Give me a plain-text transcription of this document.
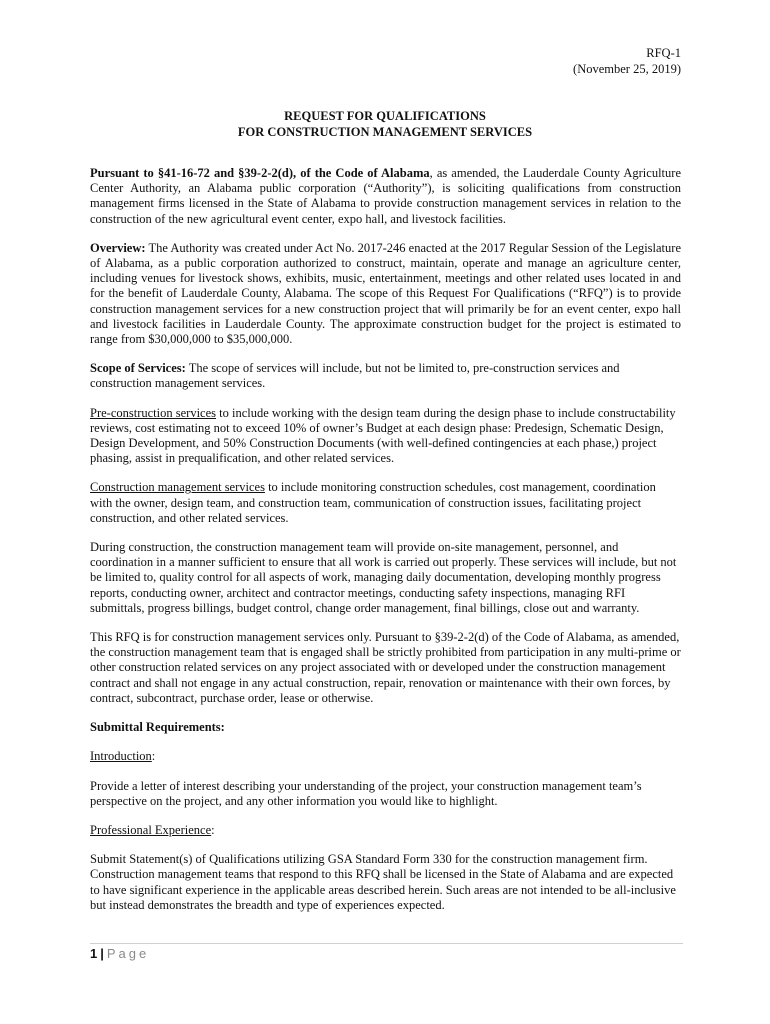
RFQ-1
(November 25, 2019)
REQUEST FOR QUALIFICATIONS
FOR CONSTRUCTION MANAGEMENT SERVICES

Pursuant to §41-16-72 and §39-2-2(d), of the Code of Alabama, as amended, the Lauderdale County Agriculture Center Authority, an Alabama public corporation (“Authority”), is soliciting qualifications from construction management firms licensed in the State of Alabama to provide construction management services in relation to the construction of the new agricultural event center, expo hall, and livestock facilities.

Overview: The Authority was created under Act No. 2017-246 enacted at the 2017 Regular Session of the Legislature of Alabama, as a public corporation authorized to construct, maintain, operate and manage an agriculture center, including venues for livestock shows, exhibits, music, entertainment, meetings and other related uses located in and for the benefit of Lauderdale County, Alabama. The scope of this Request For Qualifications (“RFQ”) is to provide construction management services for a new construction project that will primarily be for an event center, expo hall and livestock facilities in Lauderdale County. The approximate construction budget for the project is estimated to range from $30,000,000 to $35,000,000.

Scope of Services: The scope of services will include, but not be limited to, pre-construction services and construction management services.

Pre-construction services to include working with the design team during the design phase to include constructability reviews, cost estimating not to exceed 10% of owner’s Budget at each design phase: Predesign, Schematic Design, Design Development, and 50% Construction Documents (with well-defined contingencies at each phase,) project phasing, assist in prequalification, and other related services.

Construction management services to include monitoring construction schedules, cost management, coordination with the owner, design team, and construction team, communication of construction issues, facilitating project construction, and other related services.

During construction, the construction management team will provide on-site management, personnel, and coordination in a manner sufficient to ensure that all work is carried out properly. These services will include, but not be limited to, quality control for all aspects of work, managing daily documentation, developing monthly progress reports, conducting owner, architect and contractor meetings, conducting safety inspections, managing RFI submittals, progress billings, budget control, change order management, final billings, close out and warranty.

This RFQ is for construction management services only. Pursuant to §39-2-2(d) of the Code of Alabama, as amended, the construction management team that is engaged shall be strictly prohibited from participation in any multi-prime or other construction related services on any project associated with or developed under the construction management contract and shall not engage in any actual construction, repair, renovation or maintenance with their own forces, by contract, subcontract, purchase order, lease or otherwise.

Submittal Requirements:

Introduction:

Provide a letter of interest describing your understanding of the project, your construction management team’s perspective on the project, and any other information you would like to highlight.

Professional Experience:

Submit Statement(s) of Qualifications utilizing GSA Standard Form 330 for the construction management firm. Construction management teams that respond to this RFQ shall be licensed in the State of Alabama and are expected to have significant experience in the applicable areas described herein. Such areas are not intended to be all-inclusive but instead demonstrates the breadth and type of experiences expected.

1 | Page
